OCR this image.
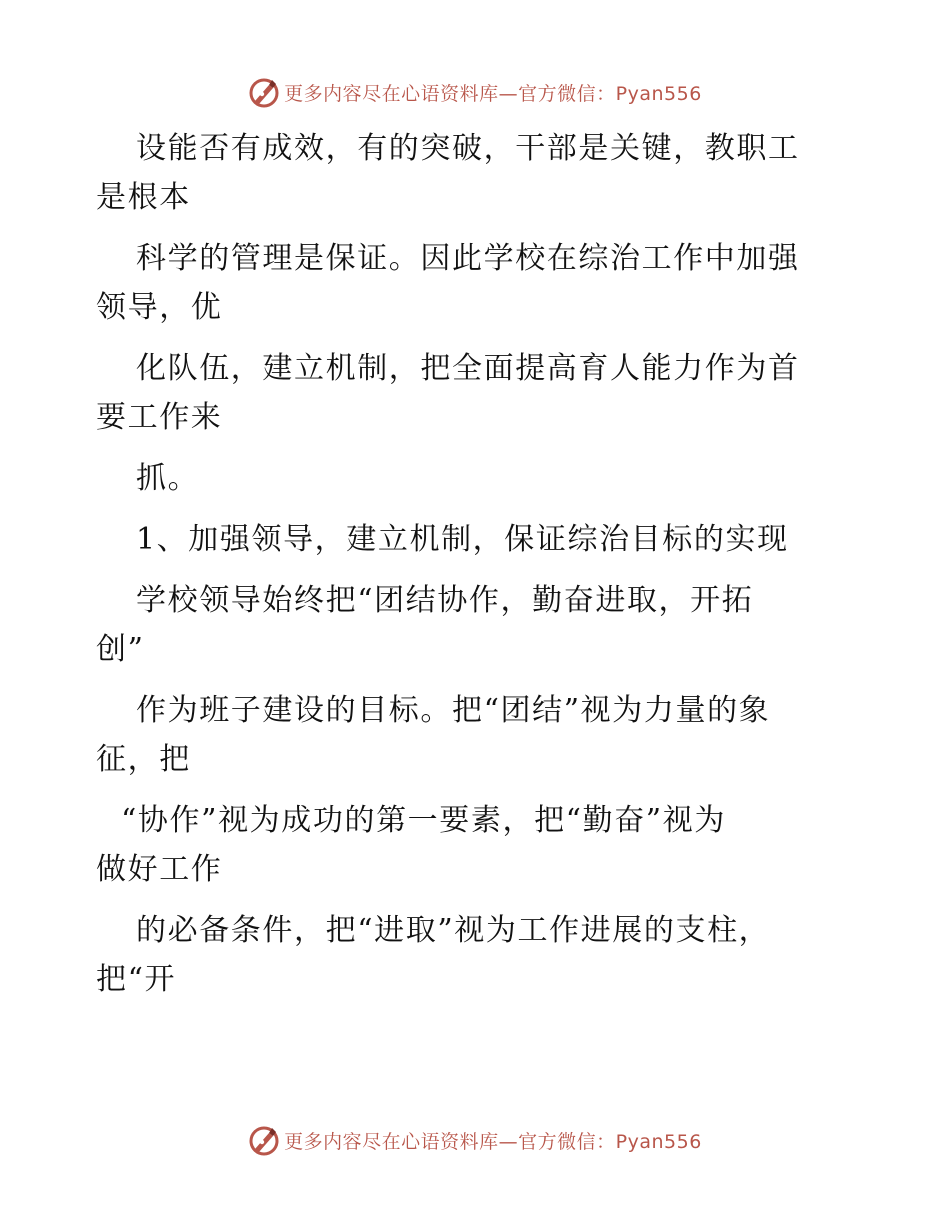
更多内容尽在心语资料库—官方微信：Pyan556
设能否有成效，有的突破，干部是关键，教职工
是根本
科学的管理是保证。因此学校在综治工作中加强
领导，优
化队伍，建立机制，把全面提高育人能力作为首
要工作来
抓。
1、加强领导，建立机制，保证综治目标的实现
学校领导始终把“团结协作，勤奋进取，开拓
创”
作为班子建设的目标。把“团结”视为力量的象
征，把
“协作”视为成功的第一要素，把“勤奋”视为
做好工作
的必备条件，把“进取”视为工作进展的支柱，
把“开
更多内容尽在心语资料库—官方微信：Pyan556
